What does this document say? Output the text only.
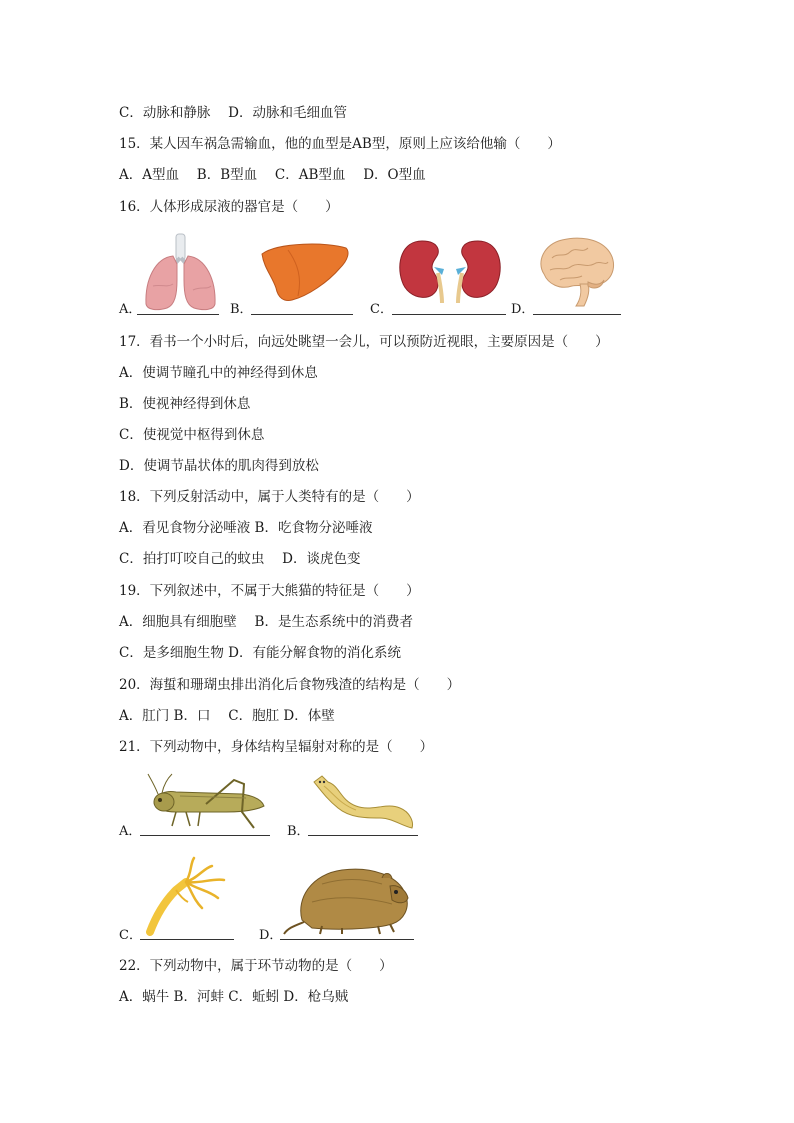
C．动脉和静脉　 D．动脉和毛细血管
15．某人因车祸急需输血，他的血型是AB型，原则上应该给他输（　　）
A．A型血　 B．B型血　 C．AB型血　 D．O型血
16．人体形成尿液的器官是（　　）
A．	B．	C．	D．
17．看书一个小时后，向远处眺望一会儿，可以预防近视眼，主要原因是（　　）
A．使调节瞳孔中的神经得到休息
B．使视神经得到休息
C．使视觉中枢得到休息
D．使调节晶状体的肌肉得到放松
18．下列反射活动中，属于人类特有的是（　　）
A．看见食物分泌唾液 B．吃食物分泌唾液
C．拍打叮咬自己的蚊虫　 D．谈虎色变
19．下列叙述中，不属于大熊猫的特征是（　　）
A．细胞具有细胞壁　 B．是生态系统中的消费者
C．是多细胞生物 D．有能分解食物的消化系统
20．海蜇和珊瑚虫排出消化后食物残渣的结构是（　　）
A．肛门 B．口　 C．胞肛 D．体壁
21．下列动物中，身体结构呈辐射对称的是（　　）
A．	B．
C．	D．
22．下列动物中，属于环节动物的是（　　）
A．蜗牛 B．河蚌 C．蚯蚓 D．枪乌贼
